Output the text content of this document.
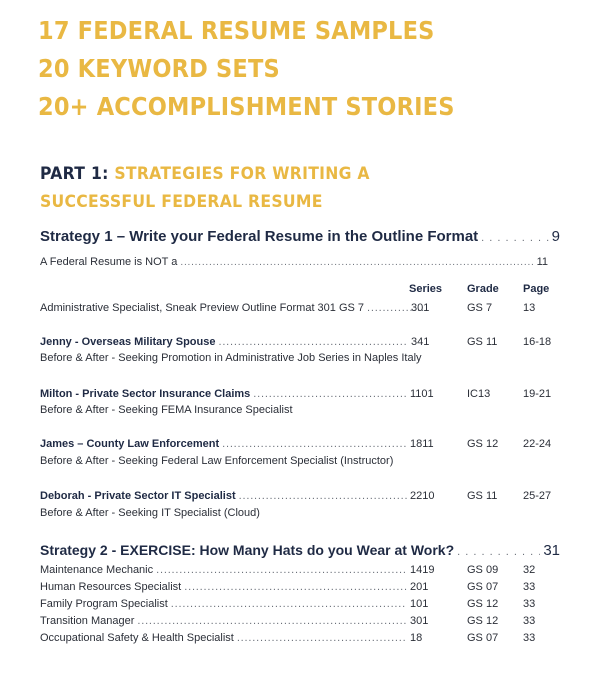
17 FEDERAL RESUME SAMPLES
20 KEYWORD SETS
20+ ACCOMPLISHMENT STORIES
PART 1: STRATEGIES FOR WRITING A
SUCCESSFUL FEDERAL RESUME
Strategy 1 – Write your Federal Resume in the Outline Format . . .	9
A Federal Resume is NOT a .....	11
Series Grade Page
Administrative Specialist, Sneak Preview Outline Format 301 GS 7 .....	301	GS 7	13
Jenny - Overseas Military Spouse .....	341	GS 11 16-18
Before & After - Seeking Promotion in Administrative Job Series in Naples Italy
Milton - Private Sector Insurance Claims .....	1101	IC13	19-21
Before & After - Seeking FEMA Insurance Specialist
James – County Law Enforcement .....	1811	GS 12 22-24
Before & After - Seeking Federal Law Enforcement Specialist (Instructor)
Deborah - Private Sector IT Specialist .....	2210	GS 11 25-27
Before & After - Seeking IT Specialist (Cloud)
Strategy 2 - EXERCISE: How Many Hats do you Wear at Work? . . .	31
Maintenance Mechanic .....	1419	GS 09 32
Human Resources Specialist .....	201	GS 07 33
Family Program Specialist .....	101	GS 12 33
Transition Manager .....	301	GS 12 33
Occupational Safety & Health Specialist .....	18	GS 07 33
